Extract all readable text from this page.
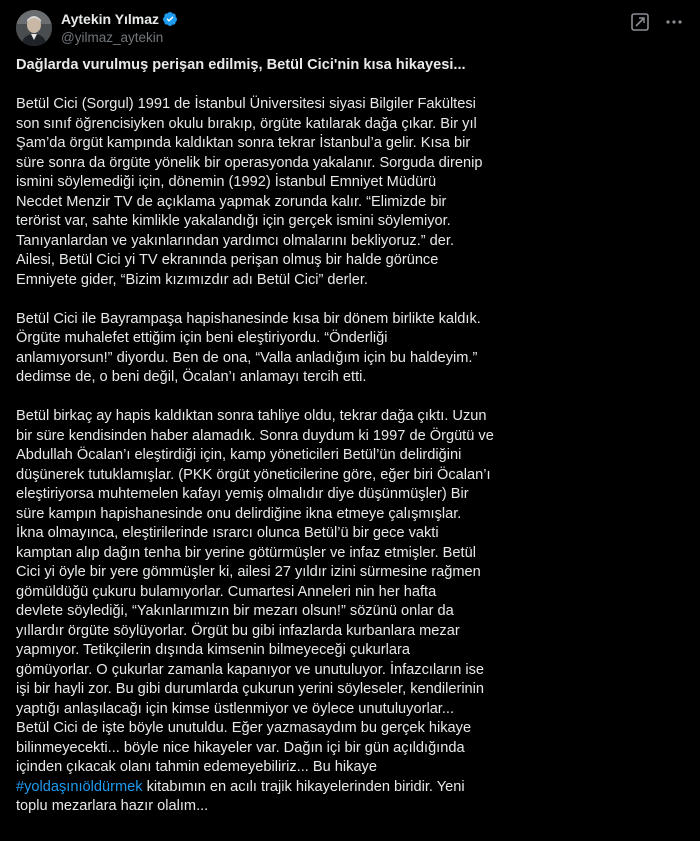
Aytekin Yılmaz
@yilmaz_aytekin
Dağlarda vurulmuş perişan edilmiş, Betül Cici'nin kısa hikayesi...
Betül Cici (Sorgul) 1991 de İstanbul Üniversitesi siyasi Bilgiler Fakültesi
son sınıf öğrencisiyken okulu bırakıp, örgüte katılarak dağa çıkar. Bir yıl
Şam’da örgüt kampında kaldıktan sonra tekrar İstanbul’a gelir. Kısa bir
süre sonra da örgüte yönelik bir operasyonda yakalanır. Sorguda direnip
ismini söylemediği için, dönemin (1992) İstanbul Emniyet Müdürü
Necdet Menzir TV de açıklama yapmak zorunda kalır. “Elimizde bir
terörist var, sahte kimlikle yakalandığı için gerçek ismini söylemiyor.
Tanıyanlardan ve yakınlarından yardımcı olmalarını bekliyoruz.” der.
Ailesi, Betül Cici yi TV ekranında perişan olmuş bir halde görünce
Emniyete gider, “Bizim kızımızdır adı Betül Cici” derler.
Betül Cici ile Bayrampaşa hapishanesinde kısa bir dönem birlikte kaldık.
Örgüte muhalefet ettiğim için beni eleştiriyordu. “Önderliği
anlamıyorsun!” diyordu. Ben de ona, “Valla anladığım için bu haldeyim.”
dedimse de, o beni değil, Öcalan’ı anlamayı tercih etti.
Betül birkaç ay hapis kaldıktan sonra tahliye oldu, tekrar dağa çıktı. Uzun
bir süre kendisinden haber alamadık. Sonra duydum ki 1997 de Örgütü ve
Abdullah Öcalan’ı eleştirdiği için, kamp yöneticileri Betül’ün delirdiğini
düşünerek tutuklamışlar. (PKK örgüt yöneticilerine göre, eğer biri Öcalan’ı
eleştiriyorsa muhtemelen kafayı yemiş olmalıdır diye düşünmüşler) Bir
süre kampın hapishanesinde onu delirdiğine ikna etmeye çalışmışlar.
İkna olmayınca, eleştirilerinde ısrarcı olunca Betül’ü bir gece vakti
kamptan alıp dağın tenha bir yerine götürmüşler ve infaz etmişler. Betül
Cici yi öyle bir yere gömmüşler ki, ailesi 27 yıldır izini sürmesine rağmen
gömüldüğü çukuru bulamıyorlar. Cumartesi Anneleri nin her hafta
devlete söylediği, “Yakınlarımızın bir mezarı olsun!” sözünü onlar da
yıllardır örgüte söylüyorlar. Örgüt bu gibi infazlarda kurbanlara mezar
yapmıyor. Tetikçilerin dışında kimsenin bilmeyeceği çukurlara
gömüyorlar. O çukurlar zamanla kapanıyor ve unutuluyor. İnfazcıların ise
işi bir hayli zor. Bu gibi durumlarda çukurun yerini söyleseler, kendilerinin
yaptığı anlaşılacağı için kimse üstlenmiyor ve öylece unutuluyorlar...
Betül Cici de işte böyle unutuldu. Eğer yazmasaydım bu gerçek hikaye
bilinmeyecekti... böyle nice hikayeler var. Dağın içi bir gün açıldığında
içinden çıkacak olanı tahmin edemeyebiliriz... Bu hikaye
#yoldaşınıöldürmek kitabımın en acılı trajik hikayelerinden biridir. Yeni
toplu mezarlara hazır olalım...
